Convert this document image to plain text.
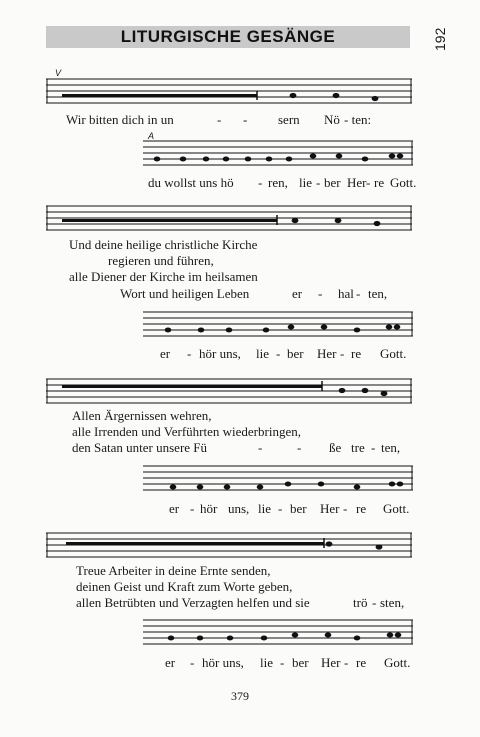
LITURGISCHE GESÄNGE	192
V
Wir bitten dich in un	- - sern Nö - ten:
A
du wollst uns hö - ren, lie - ber Her - re Gott.
Und deine heilige christliche Kirche
regieren und führen,
alle Diener der Kirche im heilsamen
Wort und heiligen Leben	er - hal - ten,
er - hör uns, lie - ber Her - re Gott.
Allen Ärgernissen wehren,
alle Irrenden und Verführten wiederbringen,
den Satan unter unsere Fü	-	- ße tre - ten,
er - hör uns, lie - ber Her - re Gott.
Treue Arbeiter in deine Ernte senden,
deinen Geist und Kraft zum Worte geben,
allen Betrübten und Verzagten helfen und sie	trö - sten,
er - hör uns, lie - ber Her - re Gott.
379
